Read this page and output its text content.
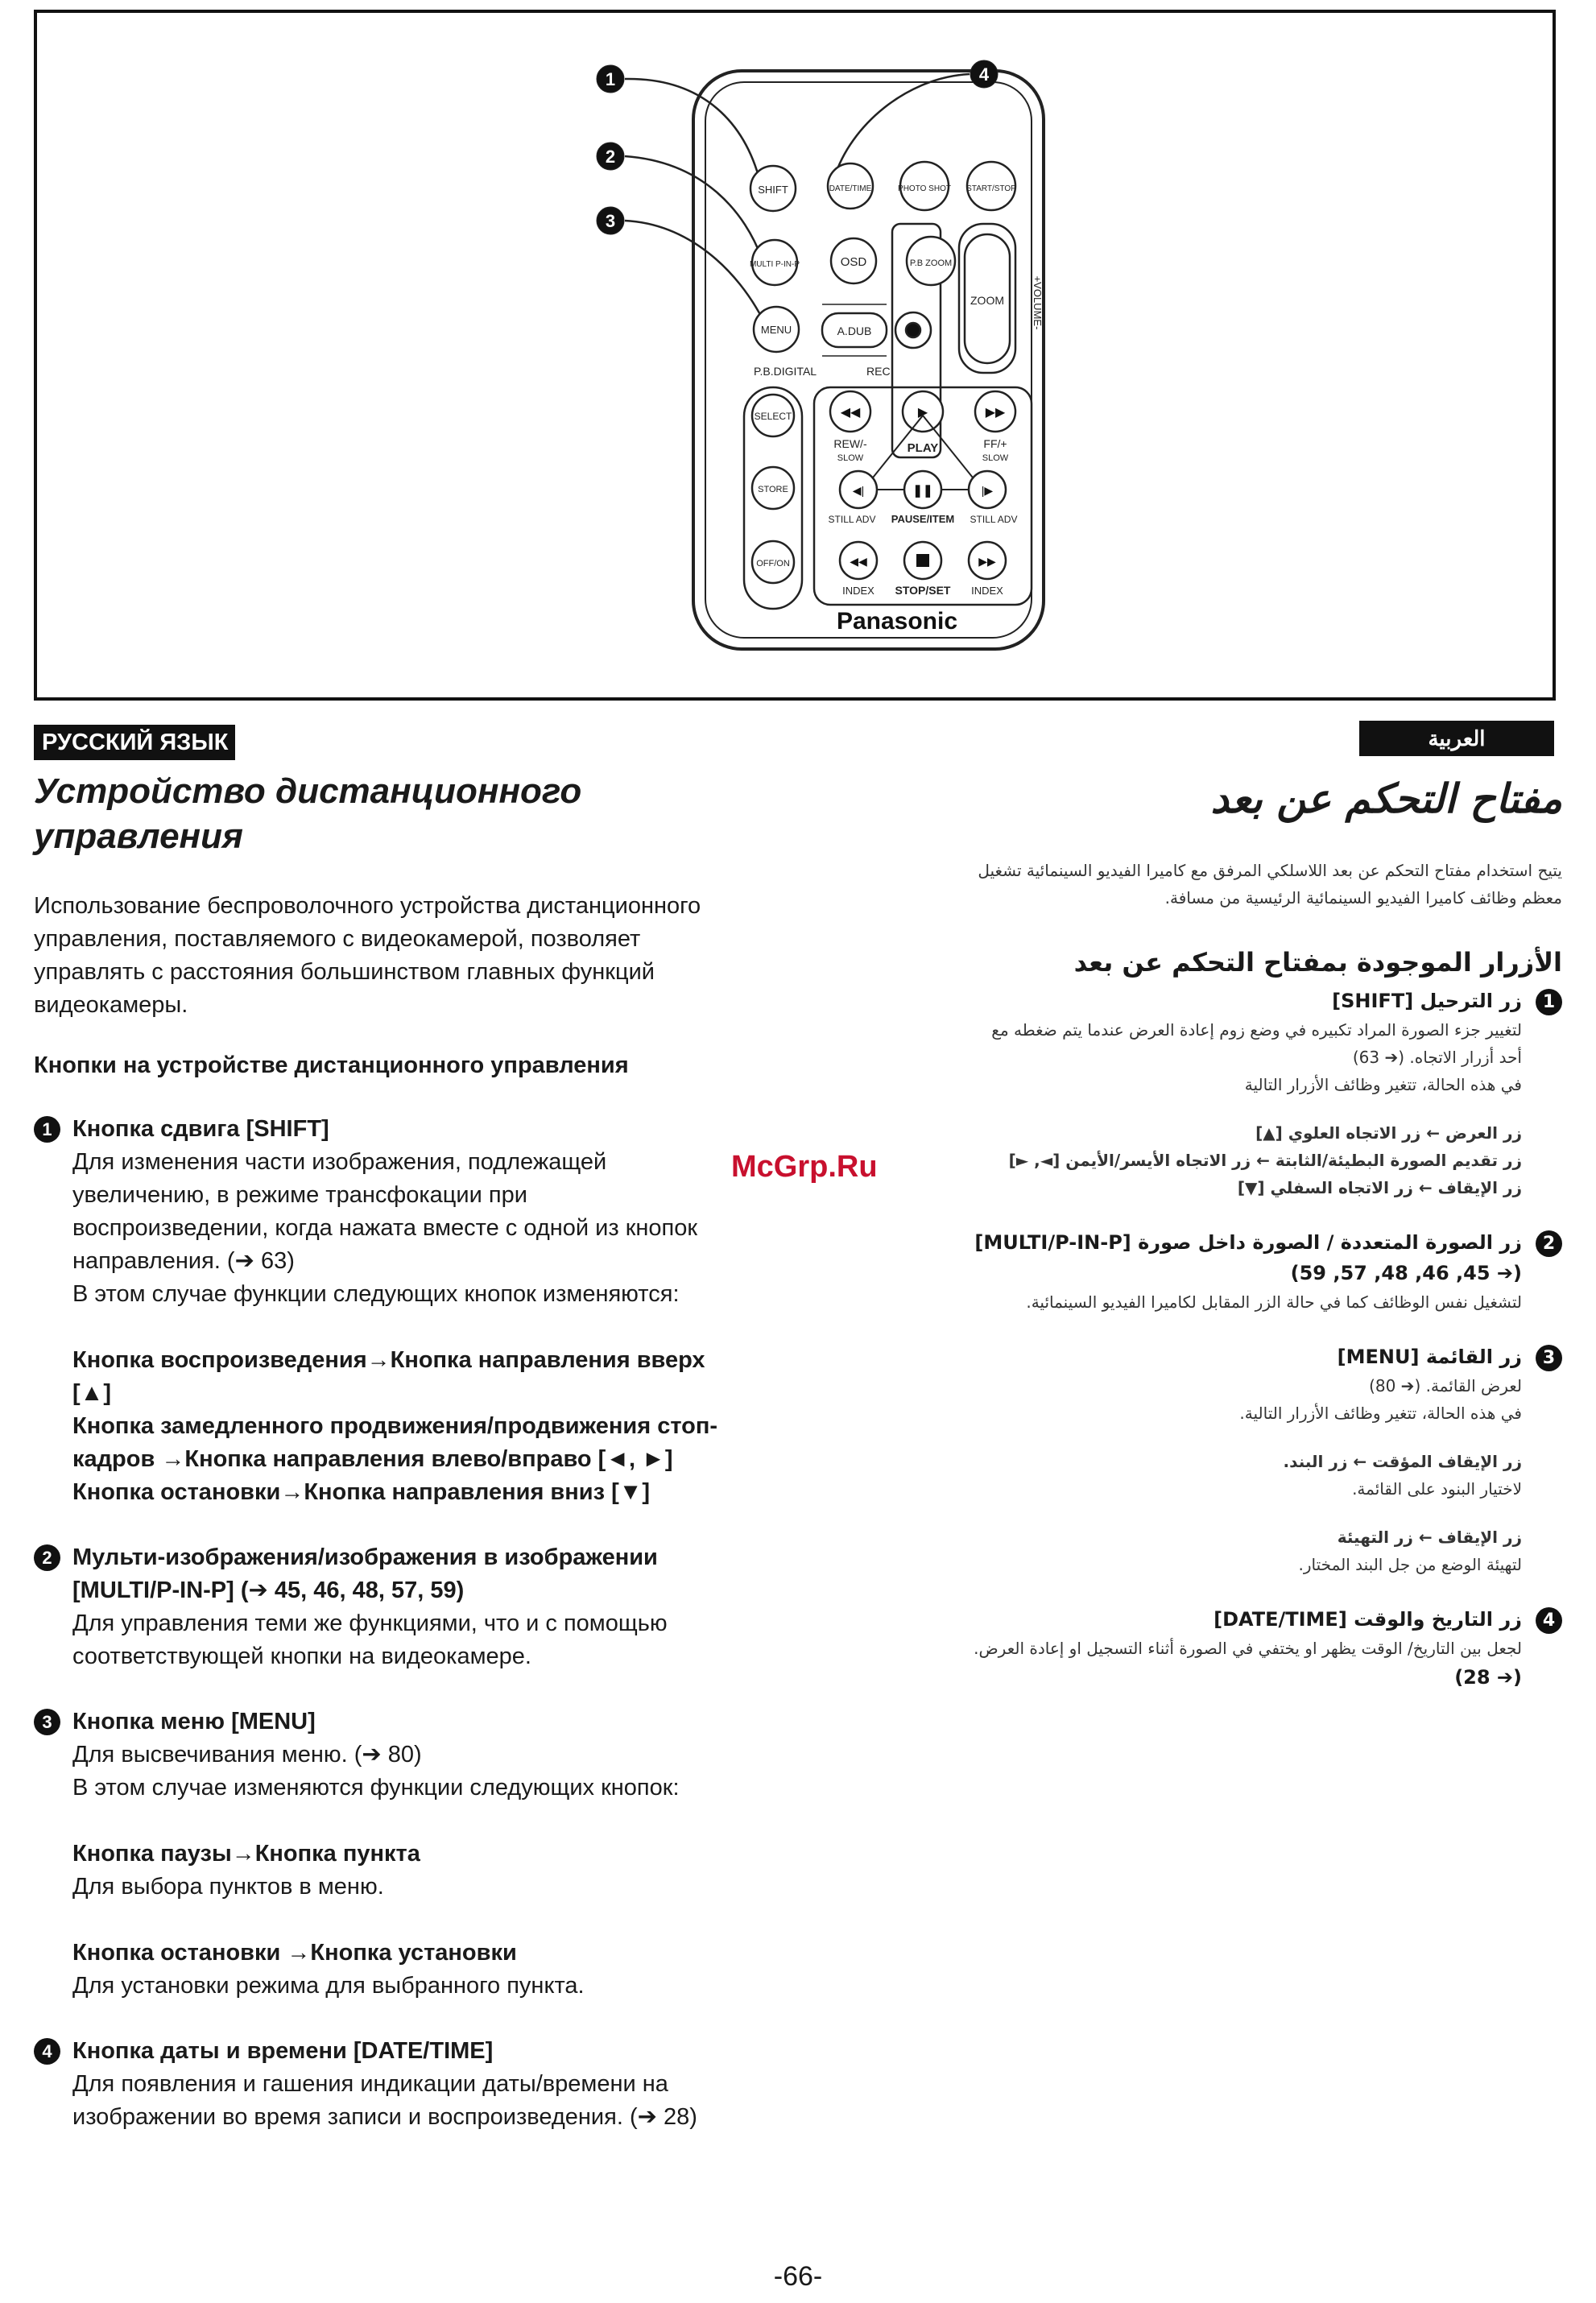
1
2
3
4
SHIFT	DATE/TIME	PHOTO SHOT START/STOP
MULTI P-IN-P	OSD	P.B ZOOM
ZOOM	+VOLUME-
MENU	A.DUB
P.B.DIGITAL	REC
SELECT
STORE
OFF/ON
◀◀	▶	▶▶
REW/-
SLOW
PLAY	FF/+
SLOW
◀|	❚❚	|▶
STILL ADV PAUSE/ITEM STILL ADV
◀◀	▶▶
INDEX STOP/SET INDEX
Panasonic
РУССКИЙ ЯЗЫК	العربية
Устройство дистанционного
управления
Использование беспроволочного устройства дистанционного
управления, поставляемого с видеокамерой, позволяет
управлять с расстояния большинством главных функций
видеокамеры.
Кнопки на устройстве дистанционного управления
1 Кнопка сдвига [SHIFT]
Для изменения части изображения, подлежащей
увеличению, в режиме трансфокации при
воспроизведении, когда нажата вместе с одной из кнопок
направления. (➔ 63)
В этом случае функции следующих кнопок изменяются:
Кнопка воспроизведения→Кнопка направления вверх
[▲]
Кнопка замедленного продвижения/продвижения стоп-
кадров →Кнопка направления влево/вправо [◄, ►]
Кнопка остановки→Кнопка направления вниз [▼]
2 Мульти-изображения/изображения в изображении
[MULTI/P-IN-P] (➔ 45, 46, 48, 57, 59)
Для управления теми же функциями, что и с помощью
соответствующей кнопки на видеокамере.
3 Кнопка меню [MENU]
Для высвечивания меню. (➔ 80)
В этом случае изменяются функции следующих кнопок:
Кнопка паузы→Кнопка пункта
Для выбора пунктов в меню.
Кнопка остановки →Кнопка установки
Для установки режима для выбранного пункта.
4 Кнопка даты и времени [DATE/TIME]
Для появления и гашения индикации даты/времени на
изображении во время записи и воспроизведения. (➔ 28)
مفتاح التحكم عن بعد
يتيح استخدام مفتاح التحكم عن بعد اللاسلكي المرفق مع كاميرا الفيديو السينمائية تشغيل
معظم وظائف كاميرا الفيديو السينمائية الرئيسية من مسافة.
الأزرار الموجودة بمفتاح التحكم عن بعد
1
زر الترحيل [SHIFT]
لتغيير جزء الصورة المراد تكبيره في وضع زوم إعادة العرض عندما يتم ضغطه مع
أحد أزرار الاتجاه. (➔ 63)
في هذه الحالة، تتغير وظائف الأزرار التالية
زر العرض ← زر الاتجاه العلوي [▲]
زر تقديم الصورة البطيئة/الثابتة ← زر الاتجاه الأيسر/الأيمن [◄, ►]
زر الإيقاف ← زر الاتجاه السفلي [▼]
2
زر الصورة المتعددة / الصورة داخل صورة [MULTI/P-IN-P]
(➔ 45, 46, 48, 57, 59)
لتشغيل نفس الوظائف كما في حالة الزر المقابل لكاميرا الفيديو السينمائية.
3
زر القائمة [MENU]
لعرض القائمة. (➔ 80)
في هذه الحالة، تتغير وظائف الأزرار التالية.
زر الإيقاف المؤقت ← زر البند.
لاختيار البنود على القائمة.
زر الإيقاف ← زر التهيئة
لتهيئة الوضع من جل البند المختار.
4
زر التاريخ والوقت [DATE/TIME]
لجعل بين التاريخ/ الوقت يظهر او يختفي في الصورة أثناء التسجيل او إعادة العرض.
(➔ 28)
McGrp.Ru
-66-
